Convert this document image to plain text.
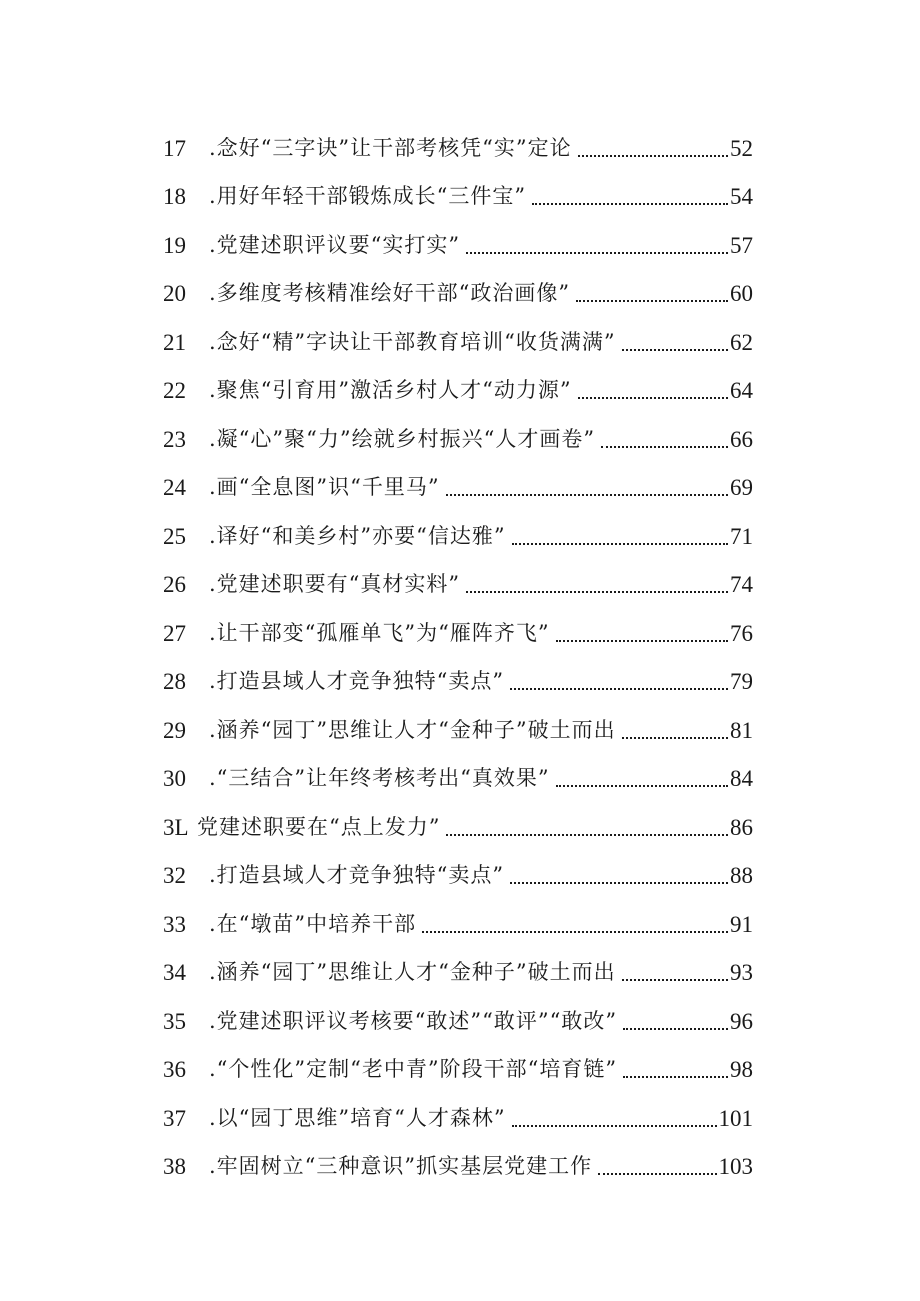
17	.念好“三字诀”让干部考核凭“实”定论	52
18	.用好年轻干部锻炼成长“三件宝”	54
19	.党建述职评议要“实打实”	57
20	.多维度考核精准绘好干部“政治画像”	60
21	.念好“精”字诀让干部教育培训“收货满满”	62
22	.聚焦“引育用”激活乡村人才“动力源”	64
23	.凝“心”聚“力”绘就乡村振兴“人才画卷”	66
24	.画“全息图”识“千里马”	69
25	.译好“和美乡村”亦要“信达雅”	71
26	.党建述职要有“真材实料”	74
27	.让干部变“孤雁单飞”为“雁阵齐飞”	76
28	.打造县域人才竞争独特“卖点”	79
29	.涵养“园丁”思维让人才“金种子”破土而出	81
30	.“三结合”让年终考核考出“真效果”	84
3L 党建述职要在“点上发力”	86
32	.打造县域人才竞争独特“卖点”	88
33	.在“墩苗”中培养干部	91
34	.涵养“园丁”思维让人才“金种子”破土而出	93
35	.党建述职评议考核要“敢述”“敢评”“敢改”	96
36	.“个性化”定制“老中青”阶段干部“培育链”	98
37	.以“园丁思维”培育“人才森林”	101
38	.牢固树立“三种意识”抓实基层党建工作	103
